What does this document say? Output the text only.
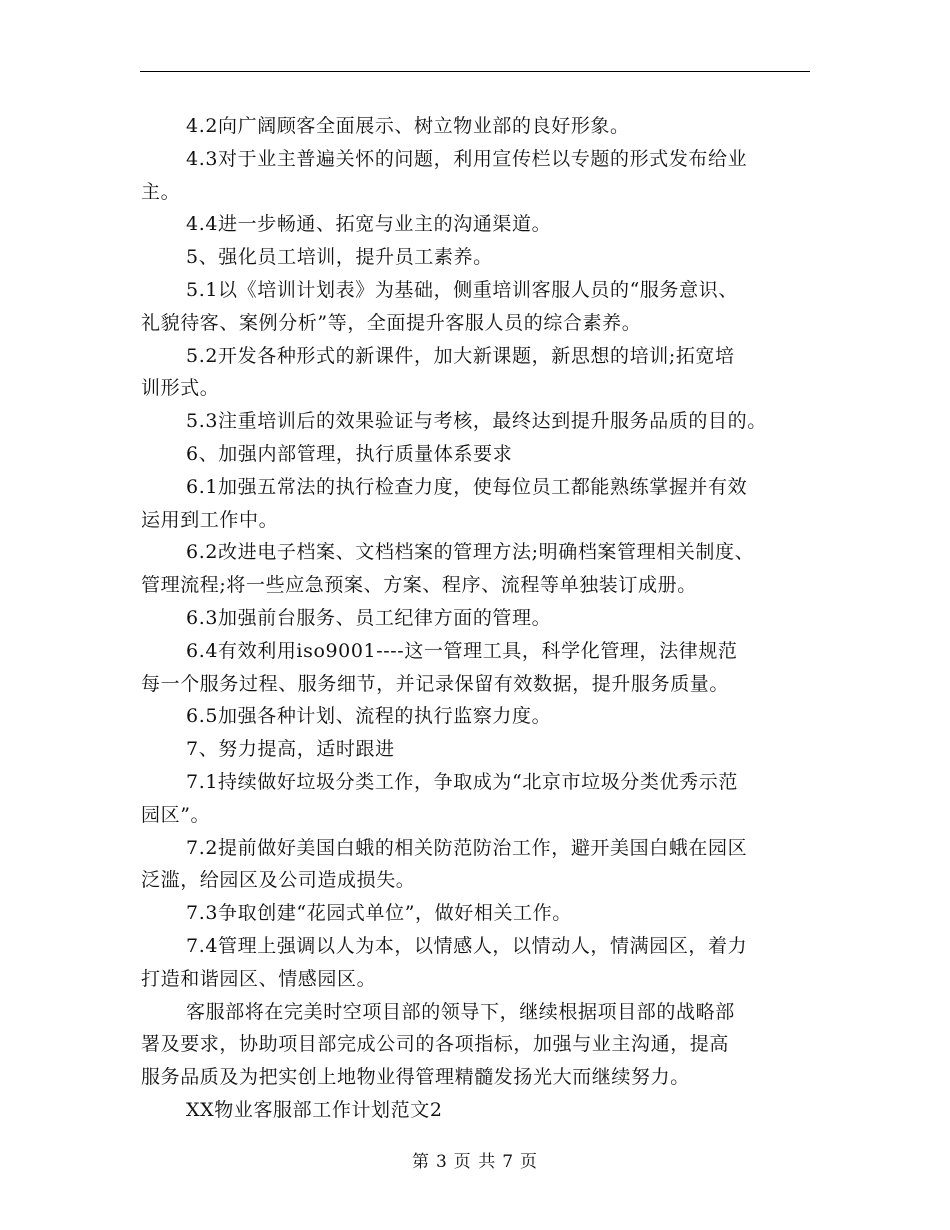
4.2向广阔顾客全面展示、树立物业部的良好形象。
4.3对于业主普遍关怀的问题，利用宣传栏以专题的形式发布给业
主。
4.4进一步畅通、拓宽与业主的沟通渠道。
5、强化员工培训，提升员工素养。
5.1以《培训计划表》为基础，侧重培训客服人员的“服务意识、
礼貌待客、案例分析”等，全面提升客服人员的综合素养。
5.2开发各种形式的新课件，加大新课题，新思想的培训;拓宽培
训形式。
5.3注重培训后的效果验证与考核，最终达到提升服务品质的目的。
6、加强内部管理，执行质量体系要求
6.1加强五常法的执行检查力度，使每位员工都能熟练掌握并有效
运用到工作中。
6.2改进电子档案、文档档案的管理方法;明确档案管理相关制度、
管理流程;将一些应急预案、方案、程序、流程等单独装订成册。
6.3加强前台服务、员工纪律方面的管理。
6.4有效利用iso9001----这一管理工具，科学化管理，法律规范
每一个服务过程、服务细节，并记录保留有效数据，提升服务质量。
6.5加强各种计划、流程的执行监察力度。
7、努力提高，适时跟进
7.1持续做好垃圾分类工作，争取成为“北京市垃圾分类优秀示范
园区”。
7.2提前做好美国白蛾的相关防范防治工作，避开美国白蛾在园区
泛滥，给园区及公司造成损失。
7.3争取创建“花园式单位”，做好相关工作。
7.4管理上强调以人为本，以情感人，以情动人，情满园区，着力
打造和谐园区、情感园区。
客服部将在完美时空项目部的领导下，继续根据项目部的战略部
署及要求，协助项目部完成公司的各项指标，加强与业主沟通，提高
服务品质及为把实创上地物业得管理精髓发扬光大而继续努力。
XX物业客服部工作计划范文2
第 3 页 共 7 页
